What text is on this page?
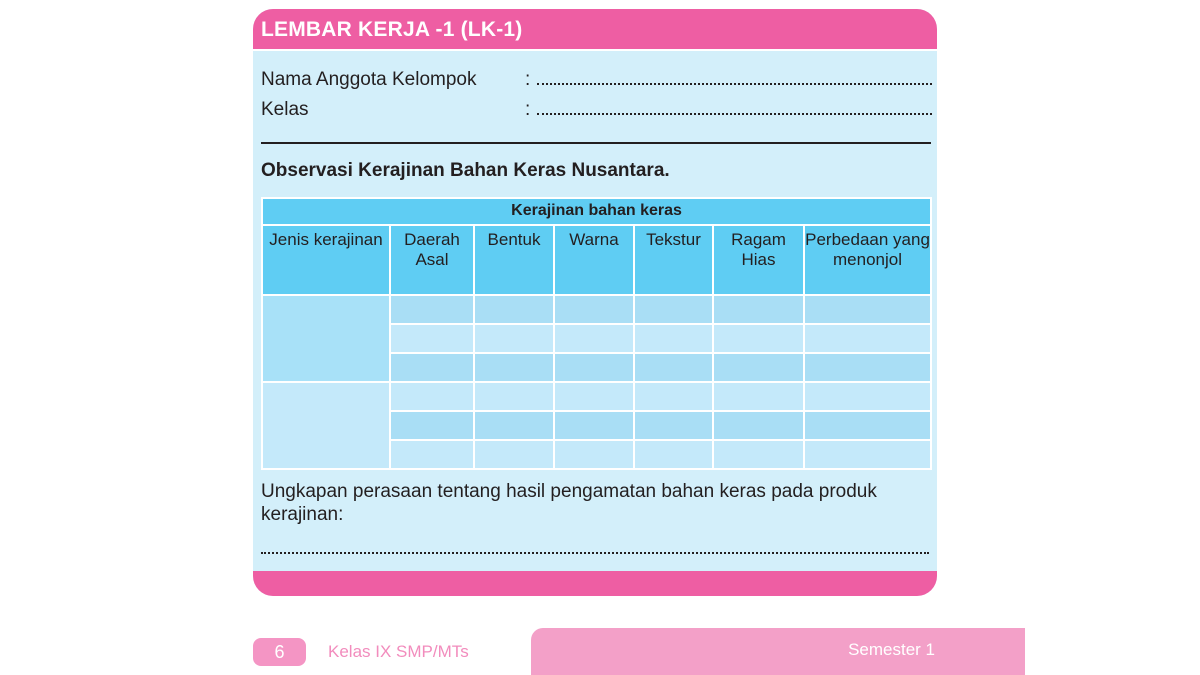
LEMBAR KERJA -1 (LK-1)
Nama Anggota Kelompok	:
Kelas	:
Observasi Kerajinan Bahan Keras Nusantara.
Kerajinan bahan keras						
Jenis kerajinan	Daerah Asal	Bentuk	Warna	Tekstur	Ragam Hias	Perbedaan yang menonjol

Ungkapan perasaan tentang hasil pengamatan bahan keras pada produk kerajinan:
6	Kelas IX SMP/MTs	Semester 1
